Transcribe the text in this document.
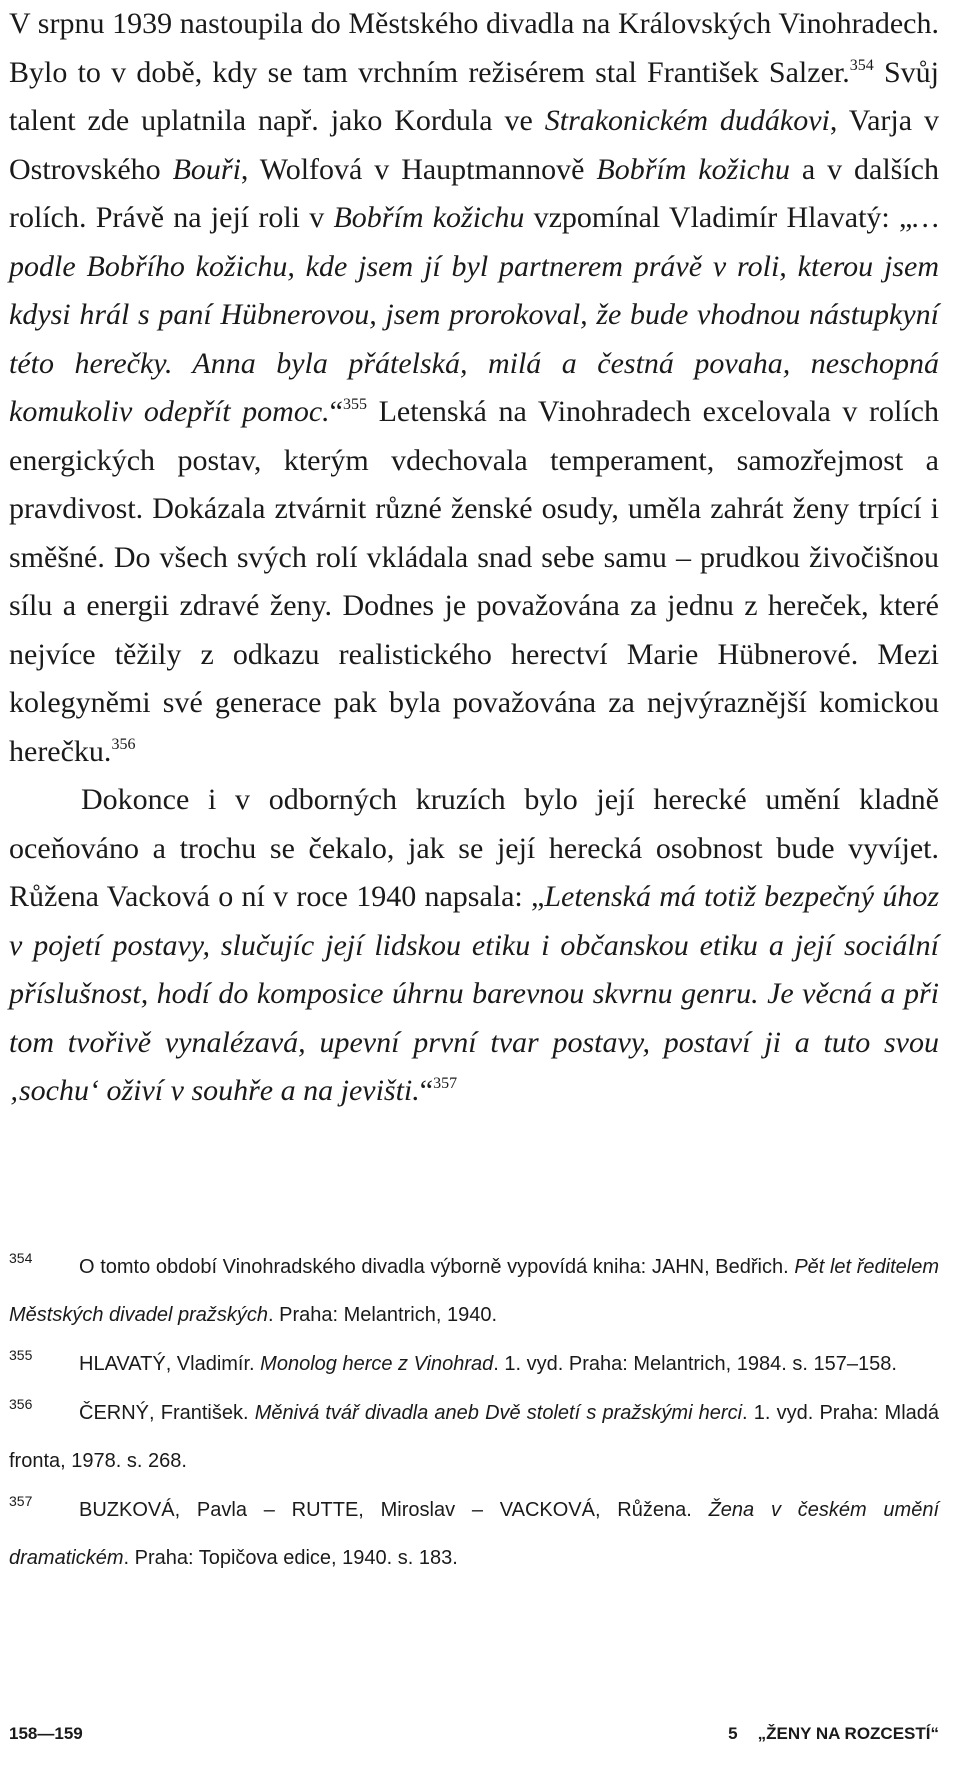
V srpnu 1939 nastoupila do Městského divadla na Královských Vinohradech. Bylo to v době, kdy se tam vrchním režisérem stal František Salzer.$^{354}$ Svůj talent zde uplatnila např. jako Kordula ve Strakonickém dudákovi, Varja v Ostrovského Bouři, Wolfová v Hauptmannově Bobřím kožichu a v dalších rolích. Právě na její roli v Bobřím kožichu vzpomínal Vladimír Hlavatý: „… podle Bobřího kožichu, kde jsem jí byl partnerem právě v roli, kterou jsem kdysi hrál s paní Hübnerovou, jsem prorokoval, že bude vhodnou nástupkyní této herečky. Anna byla přátelská, milá a čestná povaha, neschopná komukoliv odepřít pomoc.“$^{355}$ Letenská na Vinohradech excelovala v rolích energických postav, kterým vdechovala temperament, samozřejmost a pravdivost. Dokázala ztvárnit různé ženské osudy, uměla zahrát ženy trpící i směšné. Do všech svých rolí vkládala snad sebe samu – prudkou živočišnou sílu a energii zdravé ženy. Dodnes je považována za jednu z hereček, které nejvíce těžily z odkazu realistického herectví Marie Hübnerové. Mezi kolegyněmi své generace pak byla považována za nejvýraznější komickou herečku.$^{356}$

Dokonce i v odborných kruzích bylo její herecké umění kladně oceňováno a trochu se čekalo, jak se její herecká osobnost bude vyvíjet. Růžena Vacková o ní v roce 1940 napsala: „Letenská má totiž bezpečný úhoz v pojetí postavy, slučujíc její lidskou etiku i občanskou etiku a její sociální příslušnost, hodí do komposice úhrnu barevnou skvrnu genru. Je věcná a při tom tvořivě vynalézavá, upevní první tvar postavy, postaví ji a tuto svou ‚sochu‘ oživí v souhře a na jevišti.“$^{357}$

354 O tomto období Vinohradského divadla výborně vypovídá kniha: JAHN, Bedřich. Pět let ředitelem Městských divadel pražských. Praha: Melantrich, 1940.
355 HLAVATÝ, Vladimír. Monolog herce z Vinohrad. 1. vyd. Praha: Melantrich, 1984. s. 157–158.
356 ČERNÝ, František. Měnivá tvář divadla aneb Dvě století s pražskými herci. 1. vyd. Praha: Mladá fronta, 1978. s. 268.
357 BUZKOVÁ, Pavla – RUTTE, Miroslav – VACKOVÁ, Růžena. Žena v českém umění dramatickém. Praha: Topičova edice, 1940. s. 183.
158—159	5 „ŽENY NA ROZCESTÍ“
